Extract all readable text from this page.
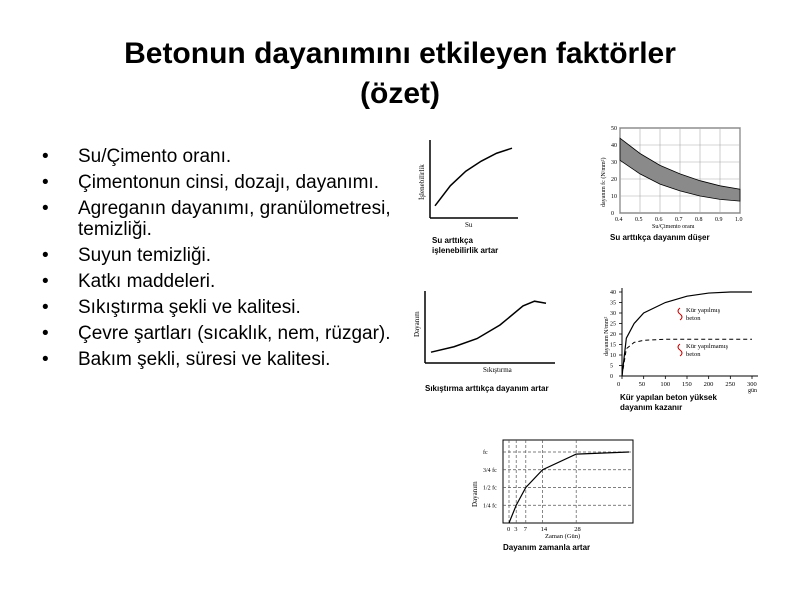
Betonun dayanımını etkileyen faktörler
(özet)
• Su/Çimento oranı.
• Çimentonun cinsi, dozajı, dayanımı.
• Agreganın dayanımı, granülometresi, temizliği.
• Suyun temizliği.
• Katkı maddeleri.
• Sıkıştırma şekli ve kalitesi.
• Çevre şartları (sıcaklık, nem, rüzgar).
• Bakım şekli, süresi ve kalitesi.
Su
İşlenebilirlik
Su arttıkça işlenebilirlik artar
0.4 0.5 0.6 0.7 0.8 0.9 1.0
0
10
20
30
40
50
Su/Çimento oranı
dayanım fc (N/mm²)
Su arttıkça dayanım düşer
Sıkıştırma
Dayanım
Sıkıştırma arttıkça dayanım artar	0	50 100 150 200 250 300
0
5
10
15
20
25
30
35
40
gün
Kür yapılmış beton
Kür yapılmamış beton
dayanım N/mm²
Kür yapılan beton yüksek dayanım kazanır
0 3 7 14	28
1/4 fc
1/2 fc
3/4 fc
fc
Zaman (Gün)
Dayanım
Dayanım zamanla artar
